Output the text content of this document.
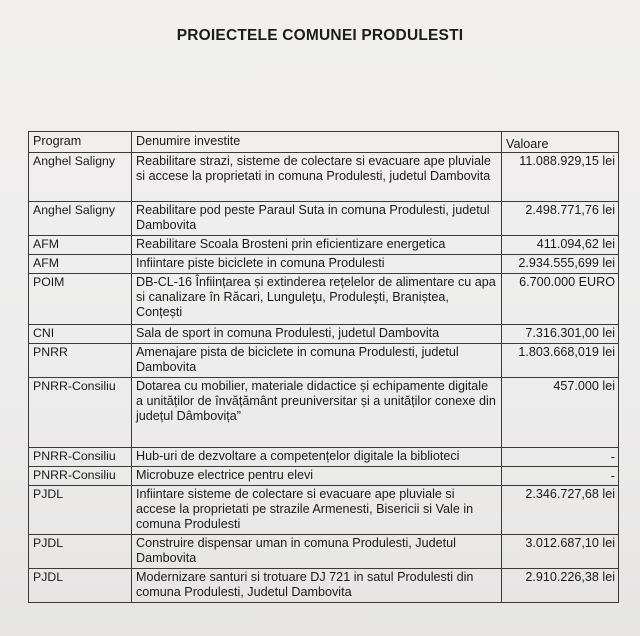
PROIECTELE COMUNEI PRODULESTI
Program	Denumire investite	Valoare
Anghel Saligny	Reabilitare strazi, sisteme de colectare si evacuare ape pluviale si accese la proprietati in comuna Produlesti, judetul Dambovita	11.088.929,15 lei
Anghel Saligny	Reabilitare pod peste Paraul Suta in comuna Produlesti, judetul Dambovita	2.498.771,76 lei
AFM	Reabilitare Scoala Brosteni prin eficientizare energetica	411.094,62 lei
AFM	Infiintare piste biciclete in comuna Produlesti	2.934.555,699 lei
POIM	DB-CL-16 Înființarea și extinderea rețelelor de alimentare cu apa si canalizare în Răcari, Lunguleţu, Produleşti, Braniștea, Conțești	6.700.000 EURO
CNI	Sala de sport in comuna Produlesti, judetul Dambovita	7.316.301,00 lei
PNRR	Amenajare pista de biciclete in comuna Produlesti, judetul Dambovita	1.803.668,019 lei
PNRR-Consiliu	Dotarea cu mobilier, materiale didactice și echipamente digitale a unităților de învățământ preuniversitar și a unităților conexe din județul Dâmbovița”	457.000 lei
PNRR-Consiliu	Hub-uri de dezvoltare a competențelor digitale la biblioteci	-
PNRR-Consiliu	Microbuze electrice pentru elevi	-
PJDL	Infiintare sisteme de colectare si evacuare ape pluviale si accese la proprietati pe strazile Armenesti, Bisericii si Vale in comuna Produlesti	2.346.727,68 lei
PJDL	Construire dispensar uman in comuna Produlesti, Judetul Dambovita	3.012.687,10 lei
PJDL	Modernizare santuri si trotuare DJ 721 in satul Produlesti din comuna Produlesti, Judetul Dambovita	2.910.226,38 lei
